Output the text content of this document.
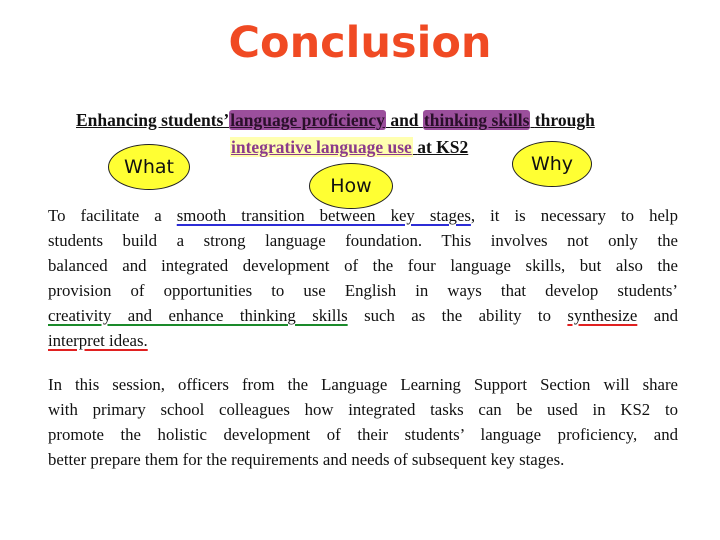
Conclusion
Enhancing students’language proficiency and thinking skills through
integrative language use at KS2
What
How
Why
To facilitate a smooth transition between key stages, it is necessary to help
students build a strong language foundation. This involves not only the
balanced and integrated development of the four language skills, but also the
provision of opportunities to use English in ways that develop students’
creativity and enhance thinking skills such as the ability to synthesize and
interpret ideas.
In this session, officers from the Language Learning Support Section will share
with primary school colleagues how integrated tasks can be used in KS2 to
promote the holistic development of their students’ language proficiency, and
better prepare them for the requirements and needs of subsequent key stages.
